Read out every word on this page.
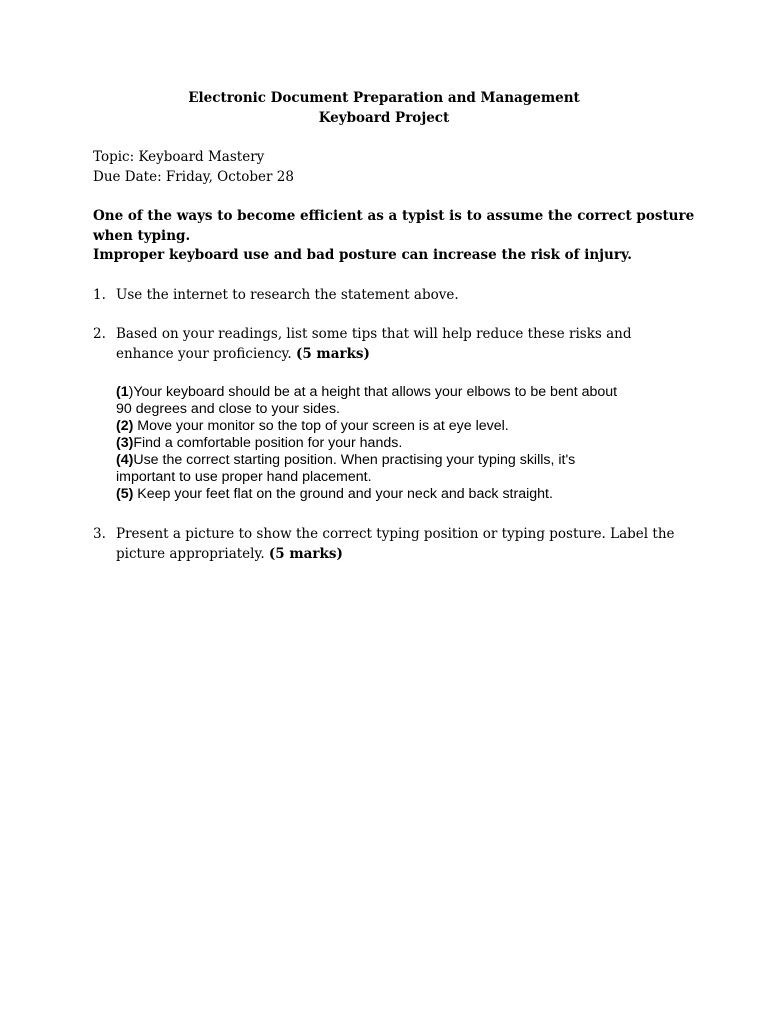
Electronic Document Preparation and Management
Keyboard Project
Topic: Keyboard Mastery
Due Date: Friday, October 28
One of the ways to become efficient as a typist is to assume the correct posture
when typing.
Improper keyboard use and bad posture can increase the risk of injury.
1. Use the internet to research the statement above.
2. Based on your readings, list some tips that will help reduce these risks and
enhance your proficiency. (5 marks)
(1)Your keyboard should be at a height that allows your elbows to be bent about
90 degrees and close to your sides.
(2) Move your monitor so the top of your screen is at eye level.
(3)Find a comfortable position for your hands.
(4)Use the correct starting position. When practising your typing skills, it's
important to use proper hand placement.
(5) Keep your feet flat on the ground and your neck and back straight.
3. Present a picture to show the correct typing position or typing posture. Label the
picture appropriately. (5 marks)
